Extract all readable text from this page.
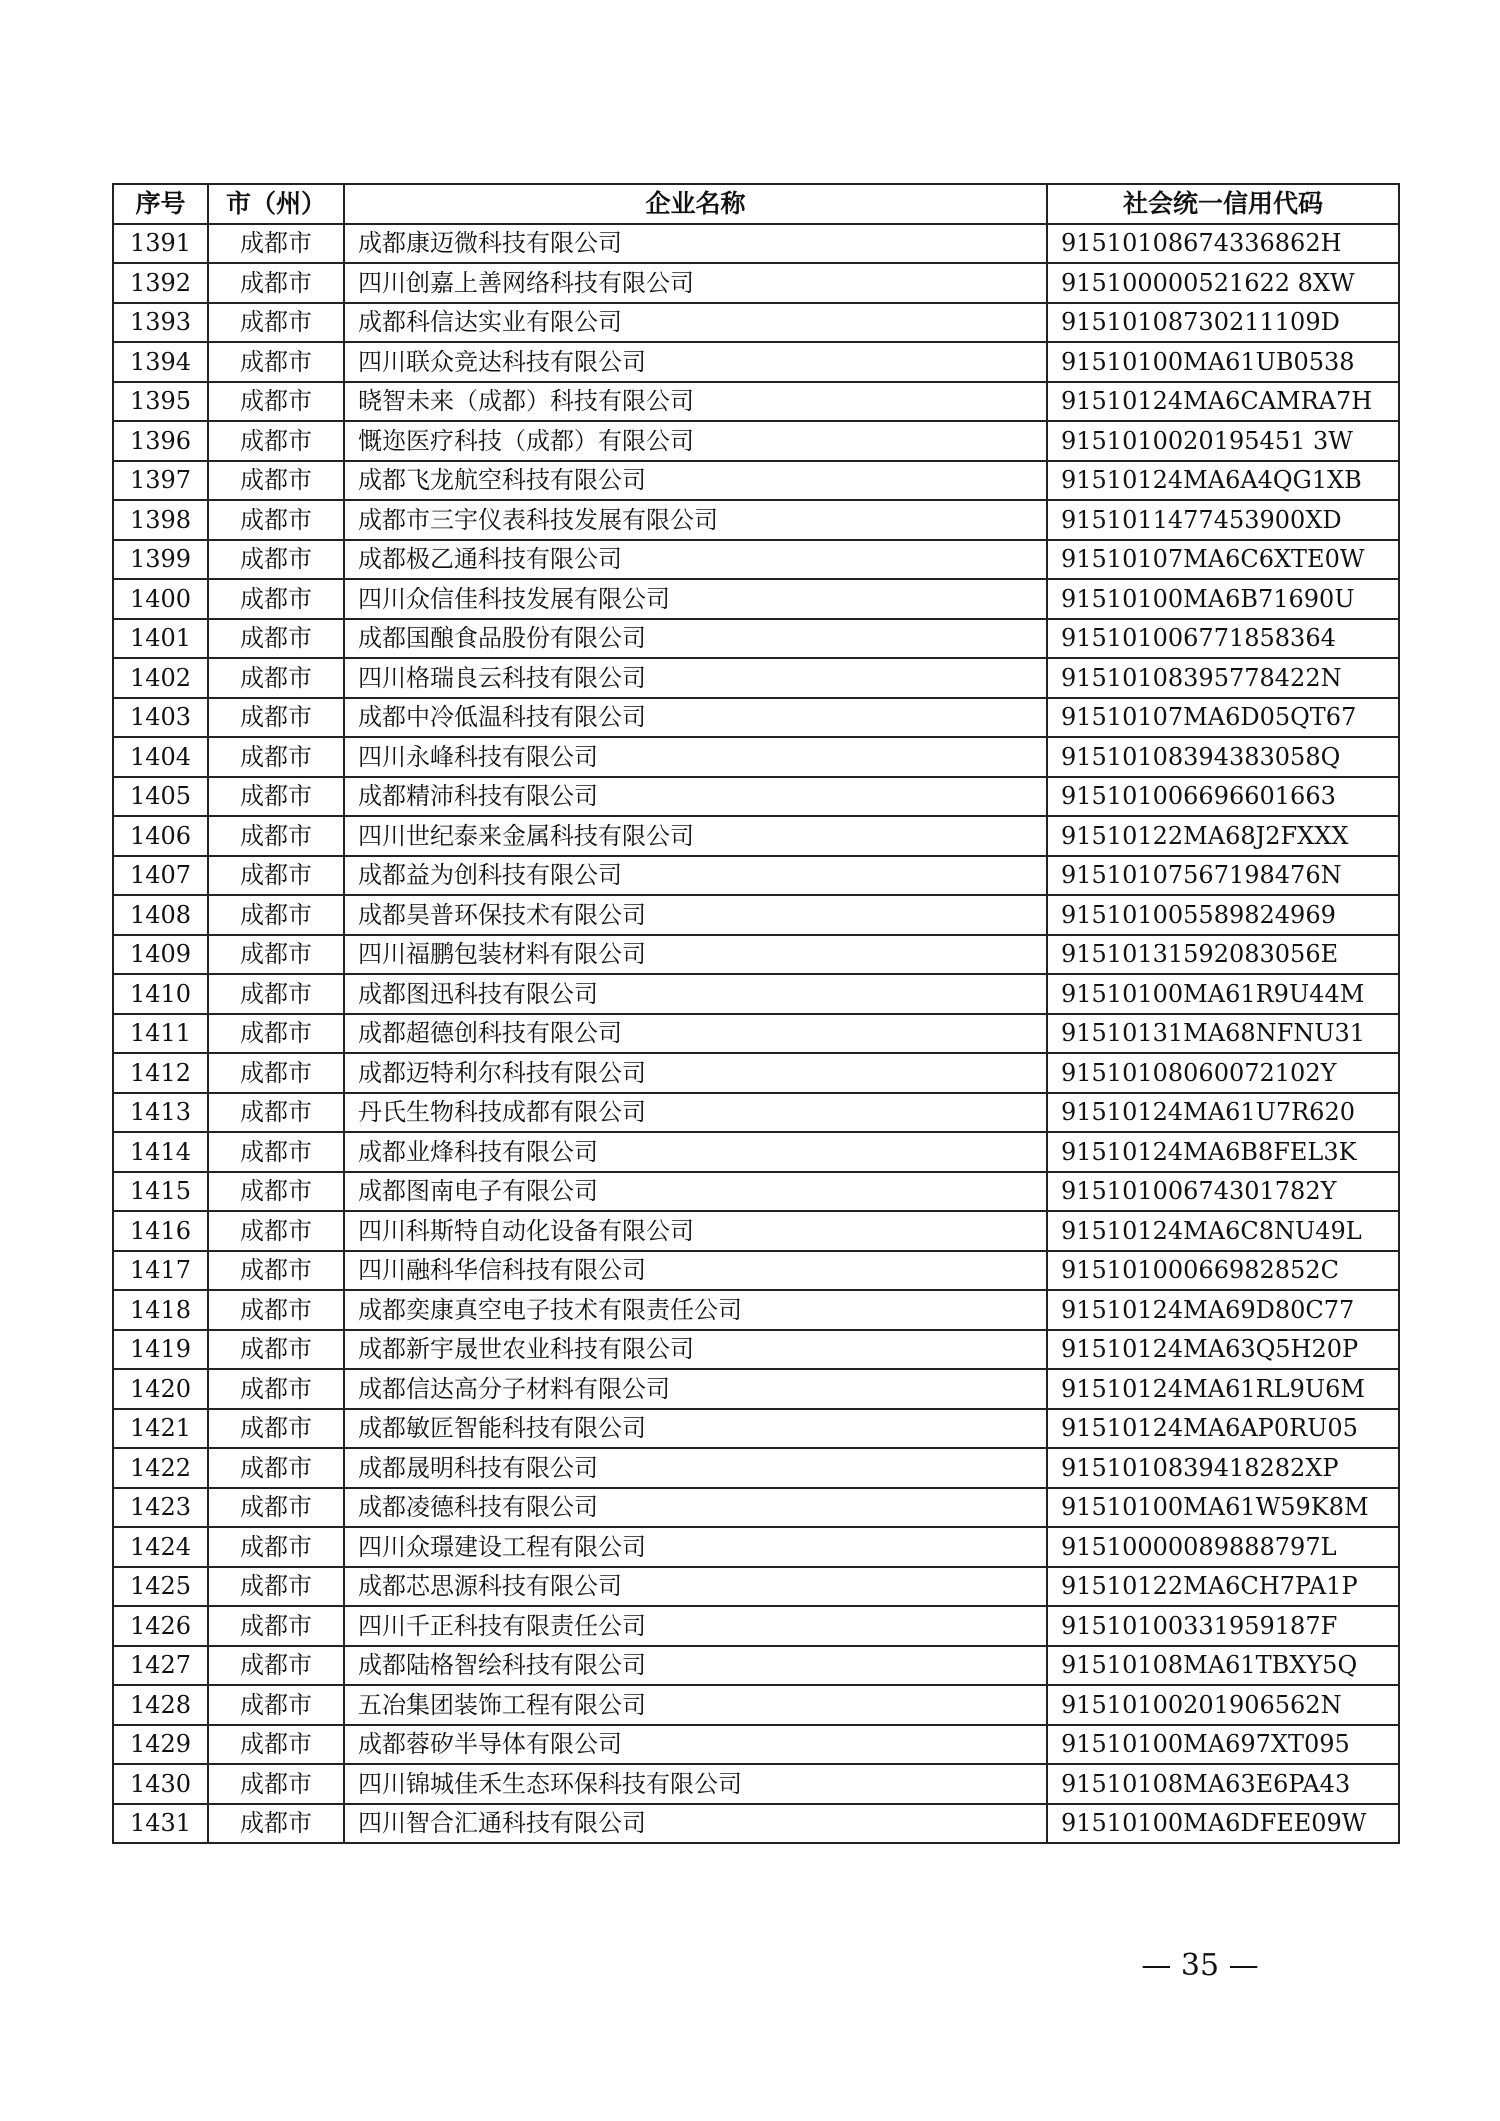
序号	市（州）	企业名称	社会统一信用代码
1391	成都市	成都康迈微科技有限公司	91510108674336862H
1392	成都市	四川创嘉上善网络科技有限公司	915100000521622 8XW
1393	成都市	成都科信达实业有限公司	91510108730211109D
1394	成都市	四川联众竞达科技有限公司	91510100MA61UB0538
1395	成都市	晓智未来（成都）科技有限公司	91510124MA6CAMRA7H
1396	成都市	慨迩医疗科技（成都）有限公司	9151010020195451 3W
1397	成都市	成都飞龙航空科技有限公司	91510124MA6A4QG1XB
1398	成都市	成都市三宇仪表科技发展有限公司	9151011477453900XD
1399	成都市	成都极乙通科技有限公司	91510107MA6C6XTE0W
1400	成都市	四川众信佳科技发展有限公司	91510100MA6B71690U
1401	成都市	成都国酿食品股份有限公司	915101006771858364
1402	成都市	四川格瑞良云科技有限公司	91510108395778422N
1403	成都市	成都中冷低温科技有限公司	91510107MA6D05QT67
1404	成都市	四川永峰科技有限公司	91510108394383058Q
1405	成都市	成都精沛科技有限公司	915101006696601663
1406	成都市	四川世纪泰来金属科技有限公司	91510122MA68J2FXXX
1407	成都市	成都益为创科技有限公司	91510107567198476N
1408	成都市	成都昊普环保技术有限公司	915101005589824969
1409	成都市	四川福鹏包装材料有限公司	91510131592083056E
1410	成都市	成都图迅科技有限公司	91510100MA61R9U44M
1411	成都市	成都超德创科技有限公司	91510131MA68NFNU31
1412	成都市	成都迈特利尔科技有限公司	91510108060072102Y
1413	成都市	丹氏生物科技成都有限公司	91510124MA61U7R620
1414	成都市	成都业烽科技有限公司	91510124MA6B8FEL3K
1415	成都市	成都图南电子有限公司	91510100674301782Y
1416	成都市	四川科斯特自动化设备有限公司	91510124MA6C8NU49L
1417	成都市	四川融科华信科技有限公司	91510100066982852C
1418	成都市	成都奕康真空电子技术有限责任公司	91510124MA69D80C77
1419	成都市	成都新宇晟世农业科技有限公司	91510124MA63Q5H20P
1420	成都市	成都信达高分子材料有限公司	91510124MA61RL9U6M
1421	成都市	成都敏匠智能科技有限公司	91510124MA6AP0RU05
1422	成都市	成都晟明科技有限公司	9151010839418282XP
1423	成都市	成都凌德科技有限公司	91510100MA61W59K8M
1424	成都市	四川众璟建设工程有限公司	91510000089888797L
1425	成都市	成都芯思源科技有限公司	91510122MA6CH7PA1P
1426	成都市	四川千正科技有限责任公司	91510100331959187F
1427	成都市	成都陆格智绘科技有限公司	91510108MA61TBXY5Q
1428	成都市	五冶集团装饰工程有限公司	91510100201906562N
1429	成都市	成都蓉矽半导体有限公司	91510100MA697XT095
1430	成都市	四川锦城佳禾生态环保科技有限公司	91510108MA63E6PA43
1431	成都市	四川智合汇通科技有限公司	91510100MA6DFEE09W
— 35 —
